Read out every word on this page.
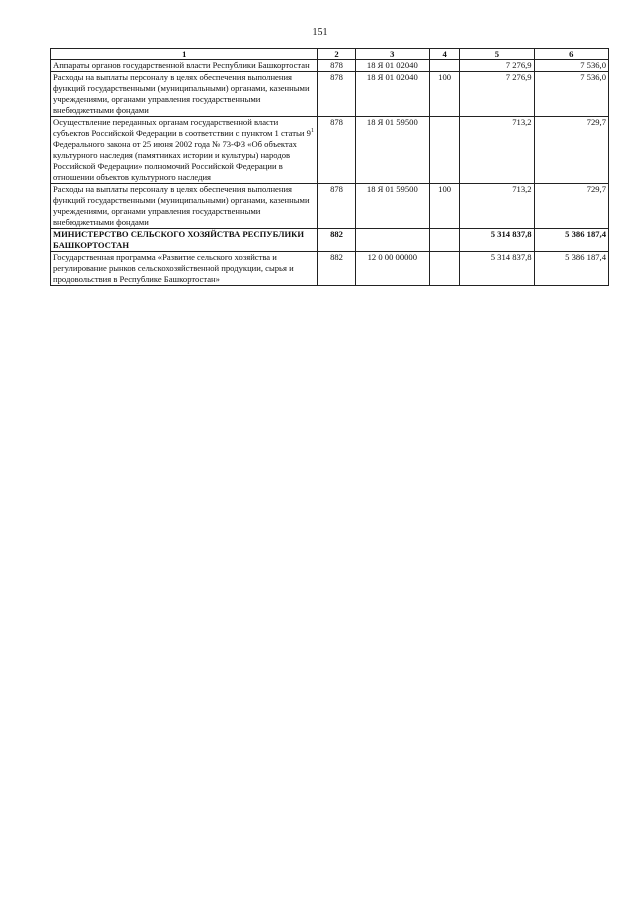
151
1	2	3	4	5	6
Аппараты органов государственной власти Республики Башкортостан	878	18 Я 01 02040		7 276,9	7 536,0
Расходы на выплаты персоналу в целях обеспечения выполнения функций государственными (муниципальными) органами, казенными учреждениями, органами управления государственными внебюджетными фондами	878	18 Я 01 02040	100	7 276,9	7 536,0
Осуществление переданных органам государственной власти субъектов Российской Федерации в соответствии с пунктом 1 статьи $9^1$ Федерального закона от 25 июня 2002 года № 73-ФЗ «Об объектах культурного наследия (памятниках истории и культуры) народов Российской Федерации» полномочий Российской Федерации в отношении объектов культурного наследия	878	18 Я 01 59500		713,2	729,7
Расходы на выплаты персоналу в целях обеспечения выполнения функций государственными (муниципальными) органами, казенными учреждениями, органами управления государственными внебюджетными фондами	878	18 Я 01 59500	100	713,2	729,7
МИНИСТЕРСТВО СЕЛЬСКОГО ХОЗЯЙСТВА РЕСПУБЛИКИ БАШКОРТОСТАН	882			5 314 837,8	5 386 187,4
Государственная программа «Развитие сельского хозяйства и регулирование рынков сельскохозяйственной продукции, сырья и продовольствия в Республике Башкортостан»	882	12 0 00 00000		5 314 837,8	5 386 187,4
